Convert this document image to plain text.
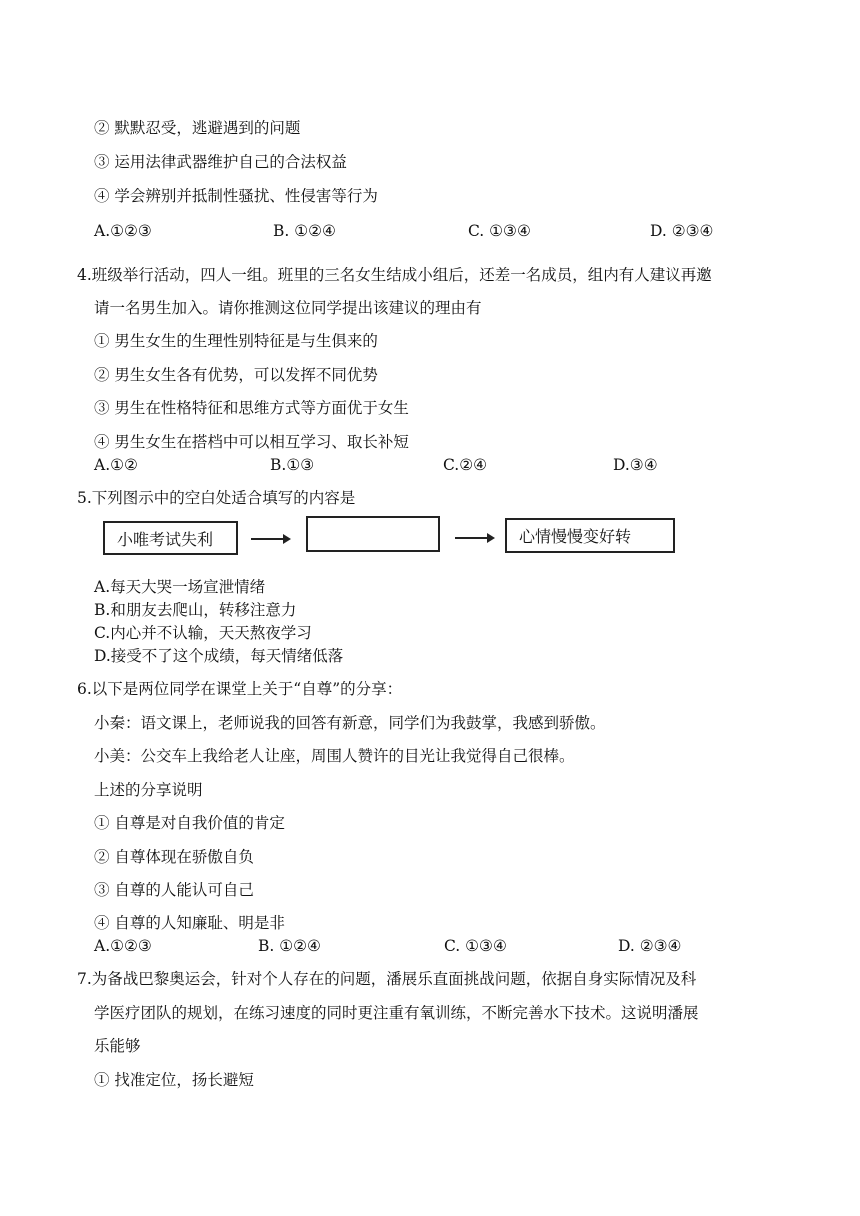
② 默默忍受，逃避遇到的问题
③ 运用法律武器维护自己的合法权益
④ 学会辨别并抵制性骚扰、性侵害等行为
A.①②③	B. ①②④	C. ①③④	D. ②③④
4.班级举行活动，四人一组。班里的三名女生结成小组后，还差一名成员，组内有人建议再邀
请一名男生加入。请你推测这位同学提出该建议的理由有
① 男生女生的生理性别特征是与生俱来的
② 男生女生各有优势，可以发挥不同优势
③ 男生在性格特征和思维方式等方面优于女生
④ 男生女生在搭档中可以相互学习、取长补短
A.①②	B.①③	C.②④	D.③④
5.下列图示中的空白处适合填写的内容是
小唯考试失利	心情慢慢变好转
A.每天大哭一场宣泄情绪
B.和朋友去爬山，转移注意力
C.内心并不认输，天天熬夜学习
D.接受不了这个成绩，每天情绪低落
6.以下是两位同学在课堂上关于“自尊”的分享：
小秦：语文课上，老师说我的回答有新意，同学们为我鼓掌，我感到骄傲。
小美：公交车上我给老人让座，周围人赞许的目光让我觉得自己很棒。
上述的分享说明
① 自尊是对自我价值的肯定
② 自尊体现在骄傲自负
③ 自尊的人能认可自己
④ 自尊的人知廉耻、明是非
A.①②③	B. ①②④	C. ①③④	D. ②③④
7.为备战巴黎奥运会，针对个人存在的问题，潘展乐直面挑战问题，依据自身实际情况及科
学医疗团队的规划，在练习速度的同时更注重有氧训练，不断完善水下技术。这说明潘展
乐能够
① 找准定位，扬长避短
